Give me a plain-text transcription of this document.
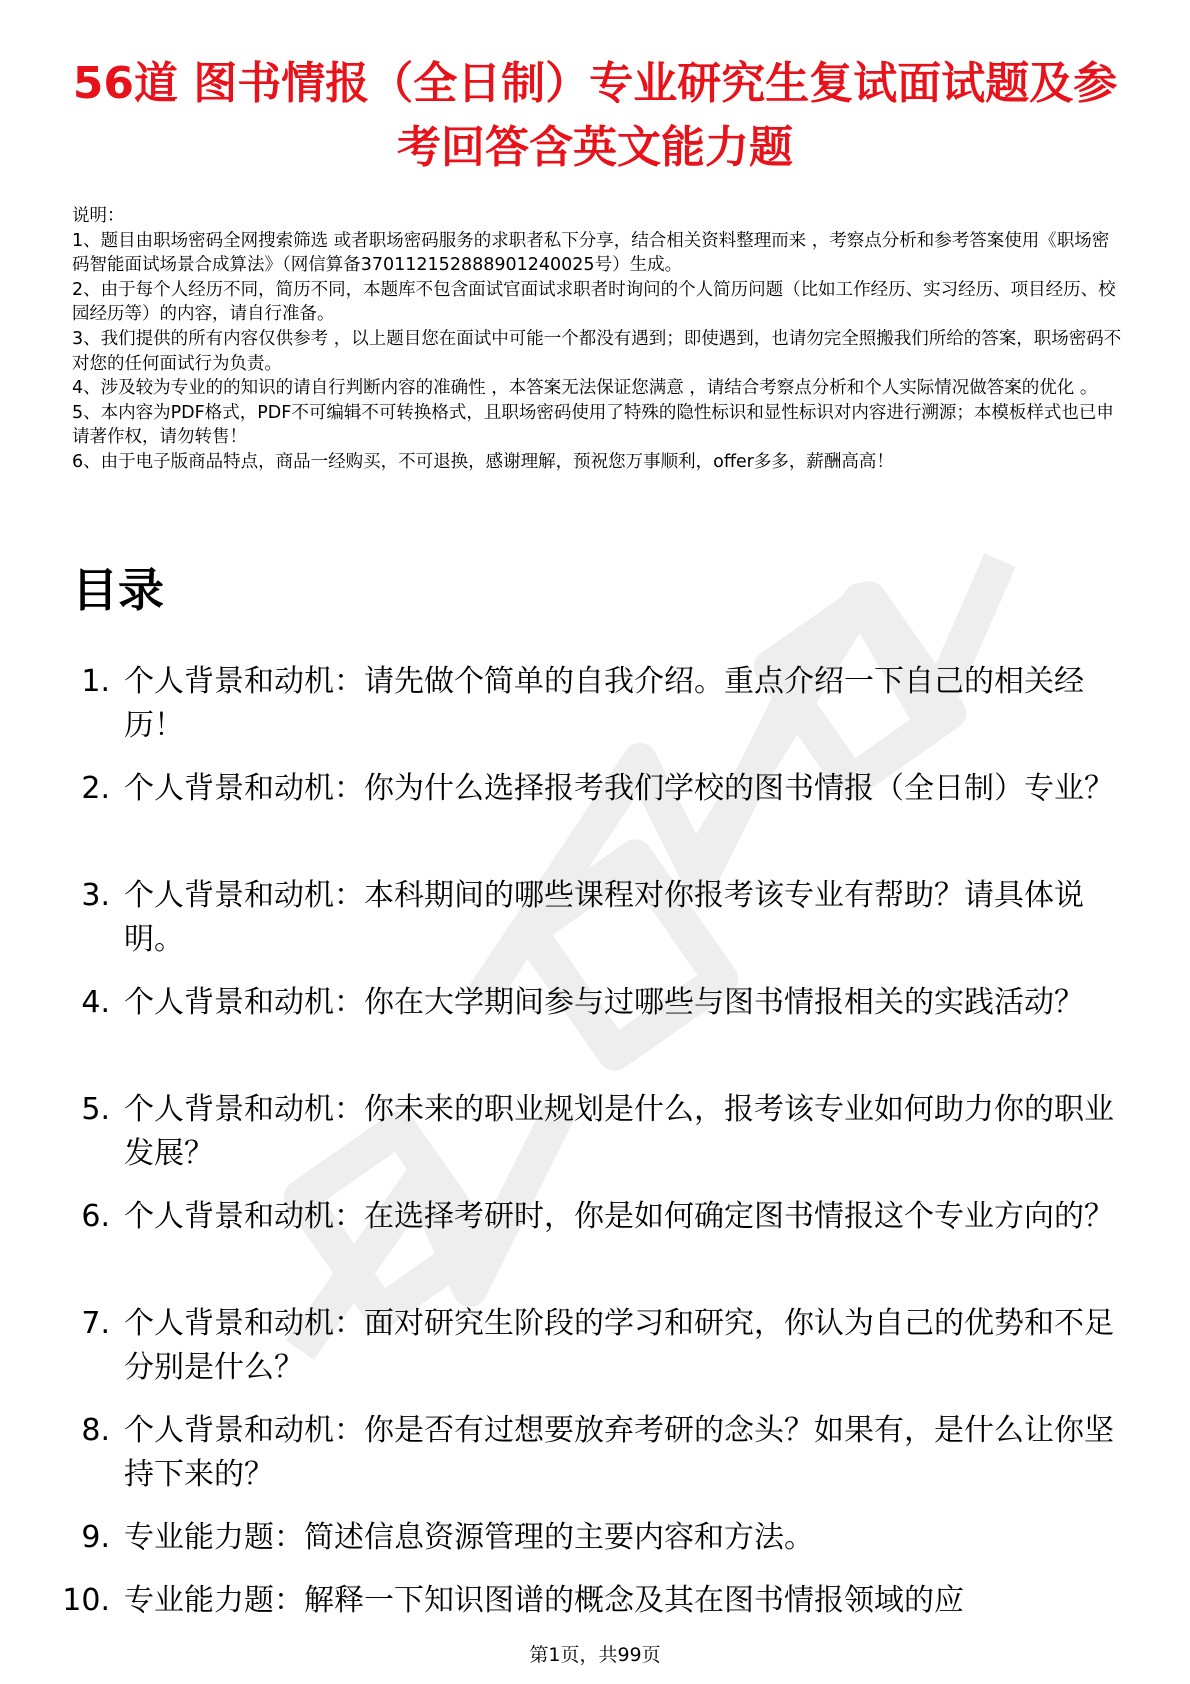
56道 图书情报（全日制）专业研究生复试面试题及参考回答含英文能力题
说明：
1、题目由职场密码全网搜索筛选 或者职场密码服务的求职者私下分享，结合相关资料整理而来 ，考察点分析和参考答案使用《职场密码智能面试场景合成算法》（网信算备370112152888901240025号）生成。
2、由于每个人经历不同，简历不同，本题库不包含面试官面试求职者时询问的个人简历问题（比如工作经历、实习经历、项目经历、校园经历等）的内容，请自行准备。
3、我们提供的所有内容仅供参考 ，以上题目您在面试中可能一个都没有遇到；即使遇到，也请勿完全照搬我们所给的答案，职场密码不对您的任何面试行为负责。
4、涉及较为专业的的知识的请自行判断内容的准确性 ，本答案无法保证您满意 ，请结合考察点分析和个人实际情况做答案的优化 。
5、本内容为PDF格式，PDF不可编辑不可转换格式，且职场密码使用了特殊的隐性标识和显性标识对内容进行溯源；本模板样式也已申请著作权，请勿转售！
6、由于电子版商品特点，商品一经购买，不可退换，感谢理解，预祝您万事顺利，offer多多，薪酬高高！
目录
1. 个人背景和动机：请先做个简单的自我介绍。重点介绍一下自己的相关经历！
2. 个人背景和动机：你为什么选择报考我们学校的图书情报（全日制）专业？
3. 个人背景和动机：本科期间的哪些课程对你报考该专业有帮助？请具体说明。
4. 个人背景和动机：你在大学期间参与过哪些与图书情报相关的实践活动？
5. 个人背景和动机：你未来的职业规划是什么，报考该专业如何助力你的职业发展？
6. 个人背景和动机：在选择考研时，你是如何确定图书情报这个专业方向的？
7. 个人背景和动机：面对研究生阶段的学习和研究，你认为自己的优势和不足分别是什么？
8. 个人背景和动机：你是否有过想要放弃考研的念头？如果有，是什么让你坚持下来的？
9. 专业能力题：简述信息资源管理的主要内容和方法。
10. 专业能力题：解释一下知识图谱的概念及其在图书情报领域的应
第1页，共99页
